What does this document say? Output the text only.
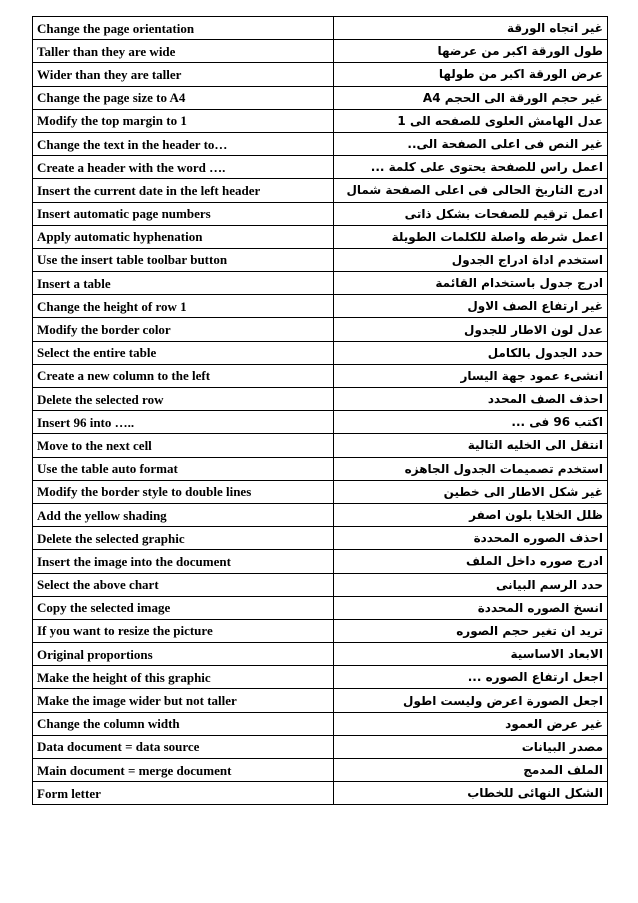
Change the page orientation	غير اتجاه الورقة
Taller than they are wide	طول الورقة اكبر من عرضها
Wider than they are taller	عرض الورقة اكبر من طولها
Change the page size to A4	غير حجم الورقة الى الحجم A4
Modify the top margin to 1	عدل الهامش العلوى للصفحه الى 1
Change the text in the header to…	غير النص فى اعلى الصفحة الى..
Create a header with the word ….	اعمل راس للصفحة يحتوى على كلمة ...
Insert the current date in the left header	ادرج التاريخ الحالى فى اعلى الصفحة شمال
Insert automatic page numbers	اعمل ترقيم للصفحات بشكل ذاتى
Apply automatic hyphenation	اعمل شرطه واصلة للكلمات الطويلة
Use the insert table toolbar button	استخدم اداة ادراج الجدول
Insert a table	ادرج جدول باستخدام القائمة
Change the height of row 1	غير ارتفاع الصف الاول
Modify the border color	عدل لون الاطار للجدول
Select the entire table	حدد الجدول بالكامل
Create a new column to the left	انشىء عمود جهة اليسار
Delete the selected row	احذف الصف المحدد
Insert 96 into …..	اكتب 96 فى ...
Move to the next cell	انتقل الى الخليه التالية
Use the table auto format	استخدم تصميمات الجدول الجاهزه
Modify the border style to double lines	غير شكل الاطار الى خطين
Add the yellow shading	ظلل الخلايا بلون اصفر
Delete the selected graphic	احذف الصوره المحددة
Insert the image into the document	ادرج صوره داخل الملف
Select the above chart	حدد الرسم البيانى
Copy the selected image	انسخ الصوره المحددة
If you want to resize the picture	تريد ان تغير حجم الصوره
Original proportions	الابعاد الاساسية
Make the height of this graphic	اجعل ارتفاع الصوره ...
Make the image wider but not taller	اجعل الصورة اعرض وليست اطول
Change the column width	غير عرض العمود
Data document = data source	مصدر البيانات
Main document = merge document	الملف المدمج
Form letter	الشكل النهائى للخطاب
